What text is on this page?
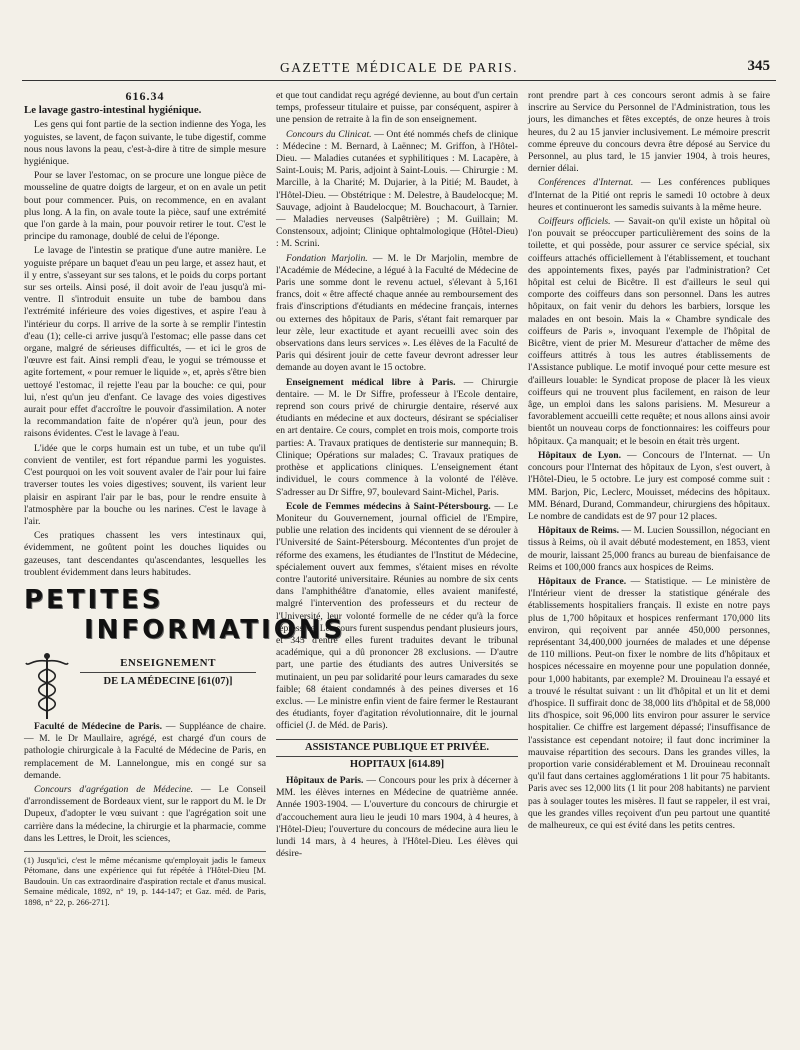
GAZETTE MÉDICALE DE PARIS.	345
616.34
Le lavage gastro-intestinal hygiénique.

Les gens qui font partie de la section indienne des Yoga, les yoguistes, se lavent, de façon suivante, le tube digestif, comme nous nous lavons la peau, c'est-à-dire à titre de simple mesure hygiénique.

Pour se laver l'estomac, on se procure une longue pièce de mousseline de quatre doigts de largeur, et on en avale un petit bout pour commencer. Puis, on recommence, en en avalant plus long. A la fin, on avale toute la pièce, sauf une extrémité que l'on garde à la main, pour pouvoir retirer le tout. C'est le principe du ramonage, doublé de celui de l'éponge.

Le lavage de l'intestin se pratique d'une autre manière. Le yoguiste prépare un baquet d'eau un peu large, et assez haut, et il y entre, s'asseyant sur ses talons, et le poids du corps portant sur ses orteils. Ainsi posé, il doit avoir de l'eau jusqu'à mi-ventre. Il s'introduit ensuite un tube de bambou dans l'extrémité inférieure des voies digestives, et aspire l'eau à l'intérieur du corps. Il arrive de la sorte à se remplir l'intestin d'eau (1); celle-ci arrive jusqu'à l'estomac; elle passe dans cet organe, malgré de sérieuses difficultés, — et ici le gros de l'œuvre est fait. Ainsi rempli d'eau, le yogui se trémousse et agite fortement, « pour remuer le liquide », et, après s'être bien uettoyé l'estomac, il rejette l'eau par la bouche: ce qui, pour lui, n'est qu'un jeu d'enfant. Ce lavage des voies digestives aurait pour effet d'accroître le pouvoir d'assimilation. A noter la recommandation faite de n'opérer qu'à jeun, pour des raisons évidentes. C'est le lavage à l'eau.

L'idée que le corps humain est un tube, et un tube qu'il convient de ventiler, est fort répandue parmi les yoguistes. C'est pourquoi on les voit souvent avaler de l'air pour lui faire traverser toutes les voies digestives; souvent, ils varient leur plaisir en aspirant l'air par le bas, pour le rendre ensuite à l'atmosphère par la bouche ou les narines. C'est le lavage à l'air.

Ces pratiques chassent les vers intestinaux qui, évidemment, ne goûtent point les douches liquides ou gazeuses, tant descendantes qu'ascendantes, lesquelles les troublent évidemment dans leurs habitudes.

PETITES
INFORMATIONS
ENSEIGNEMENT
DE LA MÉDECINE [61(07)]

Faculté de Médecine de Paris. — Suppléance de chaire. — M. le Dr Maullaire, agrégé, est chargé d'un cours de pathologie chirurgicale à la Faculté de Médecine de Paris, en remplacement de M. Lannelongue, mis en congé sur sa demande.

Concours d'agrégation de Médecine. — Le Conseil d'arrondissement de Bordeaux vient, sur le rapport du M. le Dr Dupeux, d'adopter le vœu suivant : que l'agrégation soit une carrière dans la médecine, la chirurgie et la pharmacie, comme dans les Lettres, le Droit, les sciences,

(1) Jusqu'ici, c'est le même mécanisme qu'employait jadis le fameux Pétomane, dans une expérience qui fut répétée à l'Hôtel-Dieu [M. Baudouin. Un cas extraordinaire d'aspiration rectale et d'anus musical. Semaine médicale, 1892, n° 19, p. 144-147; et Gaz. méd. de Paris, 1898, n° 22, p. 266-271].

et que tout candidat reçu agrégé devienne, au bout d'un certain temps, professeur titulaire et puisse, par conséquent, aspirer à une pension de retraite à la fin de son enseignement.

Concours du Clinicat. — Ont été nommés chefs de clinique : Médecine : M. Bernard, à Laënnec; M. Griffon, à l'Hôtel-Dieu. — Maladies cutanées et syphilitiques : M. Lacapère, à Saint-Louis; M. Paris, adjoint à Saint-Louis. — Chirurgie : M. Marcille, à la Charité; M. Dujarier, à la Pitié; M. Baudet, à l'Hôtel-Dieu. — Obstétrique : M. Delestre, à Baudelocque; M. Sauvage, adjoint à Baudelocque; M. Bouchacourt, à Tarnier. — Maladies nerveuses (Salpêtrière) ; M. Guillain; M. Constensoux, adjoint; Clinique ophtalmologique (Hôtel-Dieu) : M. Scrini.

Fondation Marjolin. — M. le Dr Marjolin, membre de l'Académie de Médecine, a légué à la Faculté de Médecine de Paris une somme dont le revenu actuel, s'élevant à 5,161 francs, doit « être affecté chaque année au remboursement des frais d'inscriptions d'étudiants en médecine français, internes ou externes des hôpitaux de Paris, s'étant fait remarquer par leur zèle, leur exactitude et ayant recueilli avec soin des observations dans leurs services ». Les élèves de la Faculté de Paris qui désirent jouir de cette faveur devront adresser leur demande au doyen avant le 15 octobre.

Enseignement médical libre à Paris. — Chirurgie dentaire. — M. le Dr Siffre, professeur à l'Ecole dentaire, reprend son cours privé de chirurgie dentaire, réservé aux étudiants en médecine et aux docteurs, désirant se spécialiser en art dentaire. Ce cours, complet en trois mois, comporte trois parties: A. Travaux pratiques de dentisterie sur mannequin; B. Clinique; Opérations sur malades; C. Travaux pratiques de prothèse et applications cliniques. L'enseignement étant individuel, le cours commence à la volonté de l'élève. S'adresser au Dr Siffre, 97, boulevard Saint-Michel, Paris.

Ecole de Femmes médecins à Saint-Pétersbourg. — Le Moniteur du Gouvernement, journal officiel de l'Empire, publie une relation des incidents qui viennent de se dérouler à l'Université de Saint-Pétersbourg. Mécontentes d'un projet de réforme des examens, les étudiantes de l'Institut de Médecine, spécialement ouvert aux femmes, s'étaient mises en révolte contre l'autorité universitaire. Réunies au nombre de six cents dans l'amphithéâtre d'anatomie, elles avaient manifesté, malgré l'intervention des professeurs et du recteur de l'Université, leur volonté formelle de ne céder qu'à la force répressive. Les cours furent suspendus pendant plusieurs jours, et 345 d'entre elles furent traduites devant le tribunal académique, qui a dû prononcer 28 exclusions. — D'autre part, une partie des étudiants des autres Universités se mutinaient, un peu par solidarité pour leurs camarades du sexe faible; 68 étaient condamnés à des peines diverses et 16 exclus. — Le ministre enfin vient de faire fermer le Restaurant des étudiants, foyer d'agitation révolutionnaire, dit le journal officiel (J. de Méd. de Paris).

ASSISTANCE PUBLIQUE ET PRIVÉE.
HOPITAUX [614.89]

Hôpitaux de Paris. — Concours pour les prix à décerner à MM. les élèves internes en Médecine de quatrième année. Année 1903-1904. — L'ouverture du concours de chirurgie et d'accouchement aura lieu le jeudi 10 mars 1904, à 4 heures, à l'Hôtel-Dieu; l'ouverture du concours de médecine aura lieu le lundi 14 mars, à 4 heures, à l'Hôtel-Dieu. Les élèves qui désire-

ront prendre part à ces concours seront admis à se faire inscrire au Service du Personnel de l'Administration, tous les jours, les dimanches et fêtes exceptés, de onze heures à trois heures, du 2 au 15 janvier inclusivement. Le mémoire prescrit comme épreuve du concours devra être déposé au Service du Personnel, au plus tard, le 15 janvier 1904, à trois heures, dernier délai.

Conférences d'Internat. — Les conférences publiques d'Internat de la Pitié ont repris le samedi 10 octobre à deux heures et continueront les samedis suivants à la même heure.

Coiffeurs officiels. — Savait-on qu'il existe un hôpital où l'on pouvait se préoccuper particulièrement des soins de la toilette, et qui possède, pour assurer ce service spécial, six coiffeurs attachés officiellement à l'établissement, et touchant des appointements fixes, payés par l'administration? Cet hôpital est celui de Bicêtre. Il est d'ailleurs le seul qui comporte des coiffeurs dans son personnel. Dans les autres hôpitaux, on fait venir du dehors les barbiers, lorsque les malades en ont besoin. Mais la « Chambre syndicale des coiffeurs de Paris », invoquant l'exemple de l'hôpital de Bicêtre, vient de prier M. Mesureur d'attacher de même des coiffeurs attitrés à tous les autres établissements de l'Assistance publique. Le motif invoqué pour cette mesure est d'ailleurs louable: le Syndicat propose de placer là les vieux coiffeurs qui ne trouvent plus facilement, en raison de leur âge, un emploi dans les salons parisiens. M. Mesureur a favorablement accueilli cette requête; et nous allons ainsi avoir bientôt un nouveau corps de fonctionnaires: les coiffeurs pour hôpitaux. Ça manquait; et le besoin en était très urgent.

Hôpitaux de Lyon. — Concours de l'Internat. — Un concours pour l'Internat des hôpitaux de Lyon, s'est ouvert, à l'Hôtel-Dieu, le 5 octobre. Le jury est composé comme suit : MM. Barjon, Pic, Leclerc, Mouisset, médecins des hôpitaux. MM. Bénard, Durand, Commandeur, chirurgiens des hôpitaux. Le nombre de candidats est de 97 pour 12 places.

Hôpitaux de Reims. — M. Lucien Soussillon, négociant en tissus à Reims, où il avait débuté modestement, en 1853, vient de mourir, laissant 25,000 francs au bureau de bienfaisance de Reims et 100,000 francs aux hospices de Reims.

Hôpitaux de France. — Statistique. — Le ministère de l'Intérieur vient de dresser la statistique générale des établissements hospitaliers français. Il existe en notre pays plus de 1,700 hôpitaux et hospices renfermant 170,000 lits environ, qui reçoivent par année 450,000 personnes, représentant 34,400,000 journées de malades et une dépense de 110 millions. Peut-on fixer le nombre de lits d'hôpitaux et hospices nécessaire en moyenne pour une population donnée, pour 1,000 habitants, par exemple? M. Drouineau l'a essayé et a trouvé le résultat suivant : un lit d'hôpital et un lit et demi d'hospice. Il suffirait donc de 38,000 lits d'hôpital et de 58,000 lits d'hospice, soit 96,000 lits environ pour assurer le service hospitalier. Ce chiffre est largement dépassé; l'insuffisance de l'assistance est cependant notoire; il faut donc incriminer la mauvaise répartition des secours. Dans les grandes villes, la proportion varie considérablement et M. Drouineau reconnaît qu'il faut dans certaines agglomérations 1 lit pour 75 habitants. Paris avec ses 12,000 lits (1 lit pour 208 habitants) ne parvient pas à soulager toutes les misères. Il faut se rappeler, il est vrai, que les grandes villes reçoivent d'un peu partout une quantité de malheureux, ce qui est évité dans les petits centres.
